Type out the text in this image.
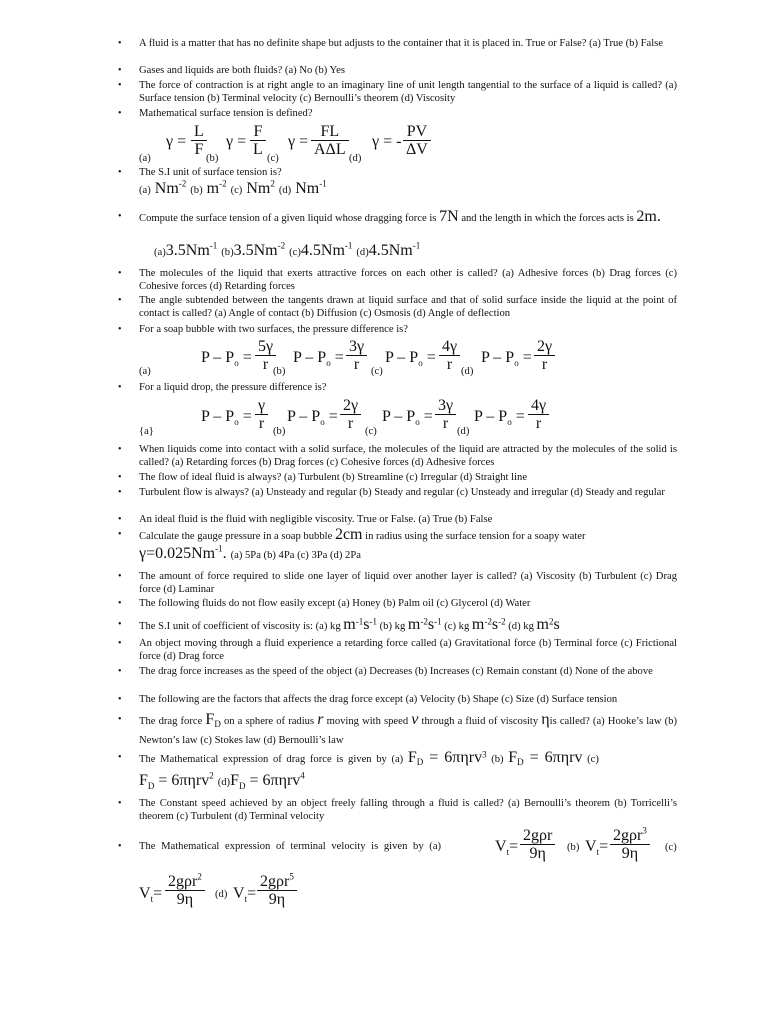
• A fluid is a matter that has no definite shape but adjusts to the container that it is placed in. True or False? (a) True (b) False
• Gases and liquids are both fluids? (a) No (b) Yes
• The force of contraction is at right angle to an imaginary line of unit length tangential to the surface of a liquid is called? (a) Surface tension (b) Terminal velocity (c) Bernoulli’s theorem (d) Viscosity
• Mathematical surface tension is defined?
(a)
$\gamma = \frac{L}{F}$
(b)
$\gamma = \frac{F}{L}$
(c)
$\gamma = \frac{FL}{\text{AΔL}}$
(d)
γ = - $\frac{PV}{\Delta V}$
• The S.I unit of surface tension is?
(a) $Nm^{-2}$ (b) $m^{-2}$ (c) Nm$^2$ (d) $Nm^{-1}$
• Compute the surface tension of a given liquid whose dragging force is 7N and the length in which the forces acts is 2m.
$(a)3.5Nm^{-1}$ $(b)3.5Nm^{-2}$ $(c)4.5Nm^{-1}$ $(d)4.5Nm^{-1}$
• The molecules of the liquid that exerts attractive forces on each other is called? (a) Adhesive forces (b) Drag forces (c) Cohesive forces (d) Retarding forces
• The angle subtended between the tangents drawn at liquid surface and that of solid surface inside the liquid at the point of contact is called? (a) Angle of contact (b) Diffusion (c) Osmosis (d) Angle of deflection
• For a soap bubble with two surfaces, the pressure difference is?
(a)
$P - P_o = \frac{5\gamma}{r}$
(b)
$P - P_o = \frac{3\gamma}{r} (c)$
$P - P_o = \frac{4\gamma}{r} (d)$
$P - P_o = \frac{2\gamma}{r}$
• For a liquid drop, the pressure difference is?
{a}
$P - P_o = \frac{\gamma}{r} (b)$
$P - P_o = \frac{2\gamma}{r} (c)$
$P - P_o = \frac{3\gamma}{r} (d)$
$P - P_o = \frac{4\gamma}{r}$
• When liquids come into contact with a solid surface, the molecules of the liquid are attracted by the molecules of the solid is called? (a) Retarding forces (b) Drag forces (c) Cohesive forces (d) Adhesive forces
• The flow of ideal fluid is always? (a) Turbulent (b) Streamline (c) Irregular (d) Straight line
• Turbulent flow is always? (a) Unsteady and regular (b) Steady and regular (c) Unsteady and irregular (d) Steady and regular
• An ideal fluid is the fluid with negligible viscosity. True or False. (a) True (b) False
• Calculate the gauge pressure in a soap bubble 2cm in radius using the surface tension for a soapy water
$\gamma=0.025Nm^{-1}$. (a) 5Pa (b) 4Pa (c) 3Pa (d) 2Pa
• The amount of force required to slide one layer of liquid over another layer is called? (a) Viscosity (b) Turbulent (c) Drag force (d) Laminar
• The following fluids do not flow easily except (a) Honey (b) Palm oil (c) Glycerol (d) Water
• The S.I unit of coefficient of viscosity is: (a) kg $m^{-1}s^{-1}$ (b) kg $m^{-2}s^{-1}$ (c) kg $m^{-2}s^{-2}$ (d) kg $m^2s$
• An object moving through a fluid experience a retarding force called (a) Gravitational force (b) Terminal force (c) Frictional force (d) Drag force
• The drag force increases as the speed of the object (a) Decreases (b) Increases (c) Remain constant (d) None of the above
• The following are the factors that affects the drag force except (a) Velocity (b) Shape (c) Size (d) Surface tension
• The drag force $F_D$ on a sphere of radius r moving with speed v through a fluid of viscosity ηis called? (a) Hooke’s law (b) Newton’s law (c) Stokes law (d) Bernoulli’s law
• The Mathematical expression of drag force is given by (a) $F_D = 6\pi\eta rv^3$ (b) $F_D = 6\pi\eta rv$ (c)
$F_D = 6\pi\eta rv^2$ $(d)F_D = 6\pi\eta rv^4$
• The Constant speed achieved by an object freely falling through a fluid is called? (a) Bernoulli’s theorem (b) Torricelli’s theorem (c) Turbulent (d) Terminal velocity
• The Mathematical expression of terminal velocity is given by (a)	$V_t=$
2gρr
9η	(b) $V_t=$
2gρr$^3$
9η	(c)
$V_t=$
2gρr$^2$
9η	(d) $V_t=$
2gρr$^5$
9η
